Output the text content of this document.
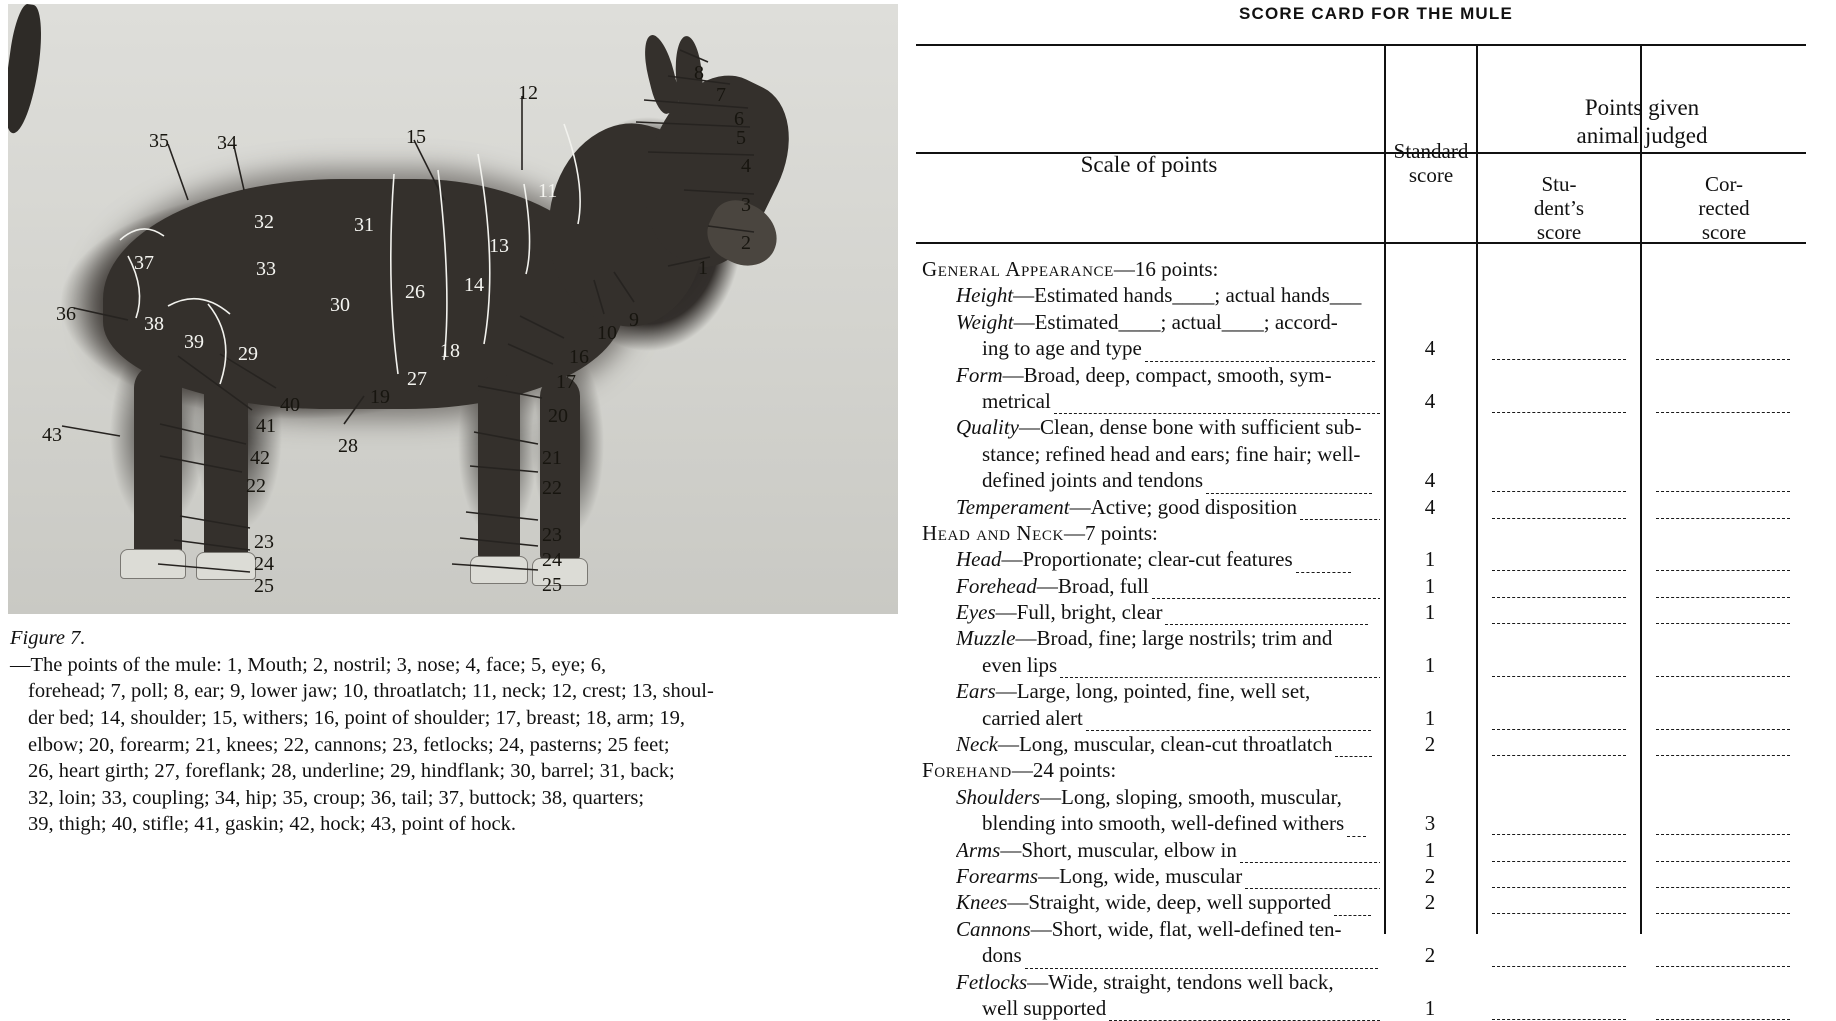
1
2
3
4
5
6
7
8
9
10
11
12
13
14
15
16
17
18
19
20
21
22
23
24
25
26
27
28
29
30
31
32
33
34
35
36
37
38
39
40
41
42
43
22
23
24
25
Figure 7.
—The points of the mule: 1, Mouth; 2, nostril; 3, nose; 4, face; 5, eye; 6,
forehead; 7, poll; 8, ear; 9, lower jaw; 10, throatlatch; 11, neck; 12, crest; 13, shoul-
der bed; 14, shoulder; 15, withers; 16, point of shoulder; 17, breast; 18, arm; 19,
elbow; 20, forearm; 21, knees; 22, cannons; 23, fetlocks; 24, pasterns; 25 feet;
26, heart girth; 27, foreflank; 28, underline; 29, hindflank; 30, barrel; 31, back;
32, loin; 33, coupling; 34, hip; 35, croup; 36, tail; 37, buttock; 38, quarters;
39, thigh; 40, stifle; 41, gaskin; 42, hock; 43, point of hock.
SCORE CARD FOR THE MULE
Scale of points
Standard
score
Points given
animal judged
Stu-
dent’s
score
Cor-
rected
score
General Appearance—16 points:
Height—Estimated hands____; actual hands___
Weight—Estimated____; actual____; accord-
ing to age and type	4
Form—Broad, deep, compact, smooth, sym-
metrical	4
Quality—Clean, dense bone with sufficient sub-
stance; refined head and ears; fine hair; well-
defined joints and tendons	4
Temperament—Active; good disposition	4
Head and Neck—7 points:
Head—Proportionate; clear-cut features	1
Forehead—Broad, full	1
Eyes—Full, bright, clear	1
Muzzle—Broad, fine; large nostrils; trim and
even lips	1
Ears—Large, long, pointed, fine, well set,
carried alert	1
Neck—Long, muscular, clean-cut throatlatch	2
Forehand—24 points:
Shoulders—Long, sloping, smooth, muscular,
blending into smooth, well-defined withers	3
Arms—Short, muscular, elbow in	1
Forearms—Long, wide, muscular	2
Knees—Straight, wide, deep, well supported	2
Cannons—Short, wide, flat, well-defined ten-
dons	2
Fetlocks—Wide, straight, tendons well back,
well supported	1
